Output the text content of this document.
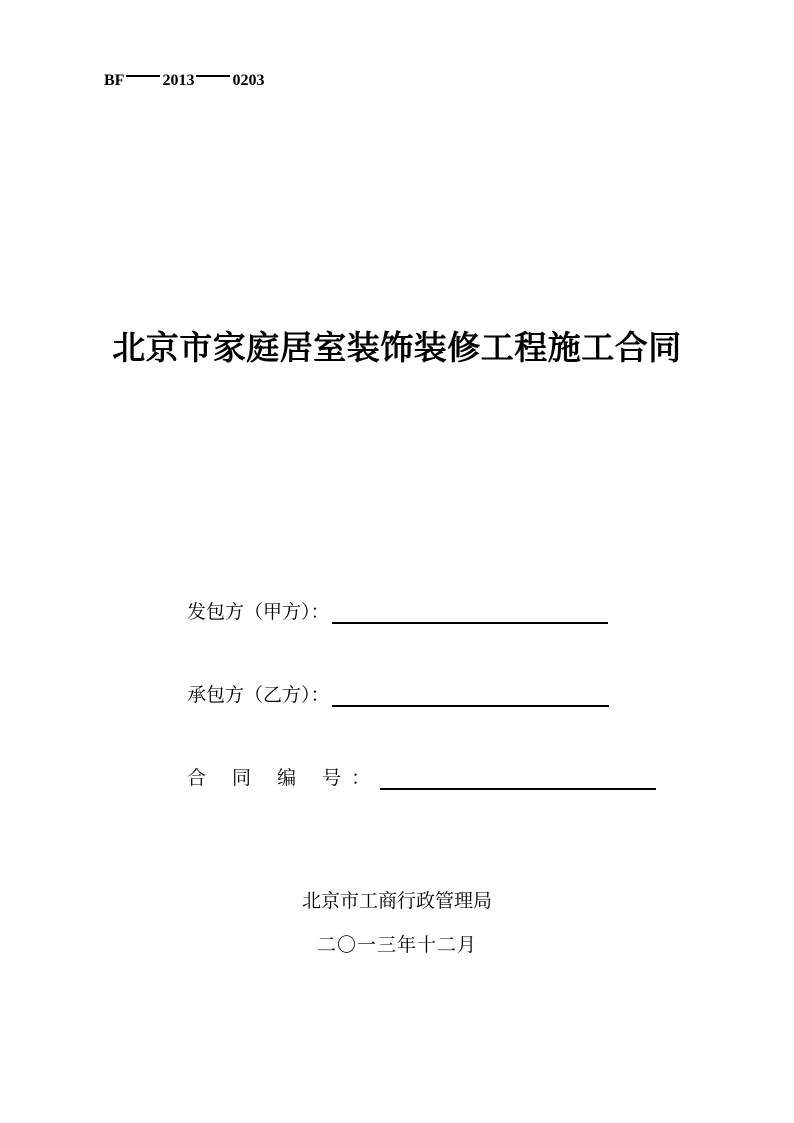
BF 2013 0203
北京市家庭居室装饰装修工程施工合同
发包方（甲方）：
承包方（乙方）：
合 同 编 号：
北京市工商行政管理局
二〇一三年十二月
